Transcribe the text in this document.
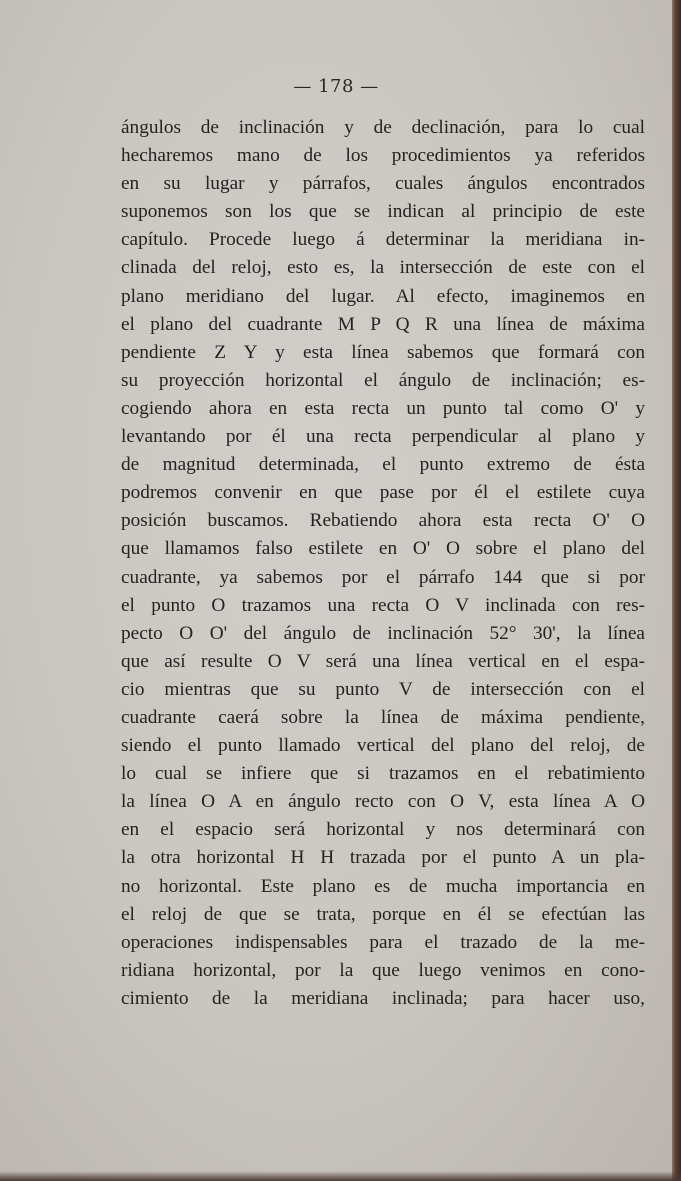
— 178 —
ángulos de inclinación y de declinación, para lo cual
hecharemos mano de los procedimientos ya referidos
en su lugar y párrafos, cuales ángulos encontrados
suponemos son los que se indican al principio de este
capítulo. Procede luego á determinar la meridiana in-
clinada del reloj, esto es, la intersección de este con el
plano meridiano del lugar. Al efecto, imaginemos en
el plano del cuadrante M P Q R una línea de máxima
pendiente Z Y y esta línea sabemos que formará con
su proyección horizontal el ángulo de inclinación; es-
cogiendo ahora en esta recta un punto tal como O' y
levantando por él una recta perpendicular al plano y
de magnitud determinada, el punto extremo de ésta
podremos convenir en que pase por él el estilete cuya
posición buscamos. Rebatiendo ahora esta recta O' O
que llamamos falso estilete en O' O sobre el plano del
cuadrante, ya sabemos por el párrafo 144 que si por
el punto O trazamos una recta O V inclinada con res-
pecto O O' del ángulo de inclinación 52° 30', la línea
que así resulte O V será una línea vertical en el espa-
cio mientras que su punto V de intersección con el
cuadrante caerá sobre la línea de máxima pendiente,
siendo el punto llamado vertical del plano del reloj, de
lo cual se infiere que si trazamos en el rebatimiento
la línea O A en ángulo recto con O V, esta línea A O
en el espacio será horizontal y nos determinará con
la otra horizontal H H trazada por el punto A un pla-
no horizontal. Este plano es de mucha importancia en
el reloj de que se trata, porque en él se efectúan las
operaciones indispensables para el trazado de la me-
ridiana horizontal, por la que luego venimos en cono-
cimiento de la meridiana inclinada; para hacer uso,
